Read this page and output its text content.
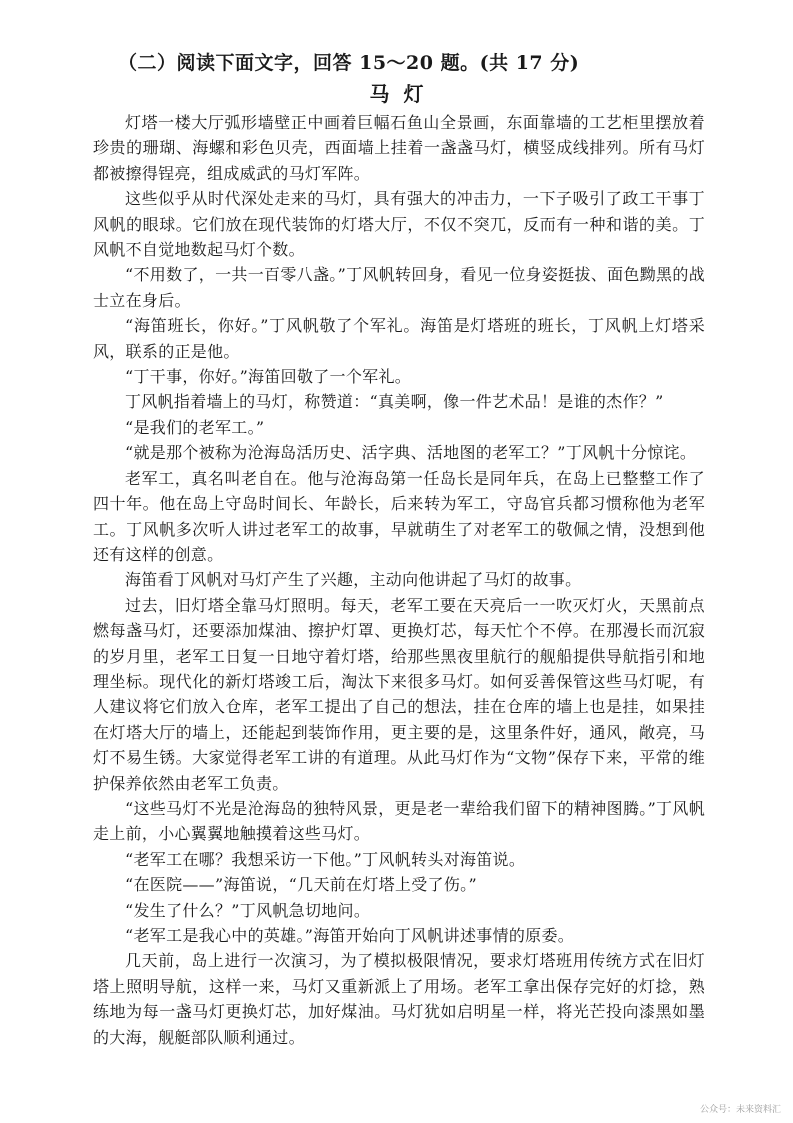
（二）阅读下面文字，回答 15～20 题。(共 17 分)
马灯

灯塔一楼大厅弧形墙壁正中画着巨幅石鱼山全景画，东面靠墙的工艺柜里摆放着珍贵的珊瑚、海螺和彩色贝壳，西面墙上挂着一盏盏马灯，横竖成线排列。所有马灯都被擦得锃亮，组成威武的马灯军阵。

这些似乎从时代深处走来的马灯，具有强大的冲击力，一下子吸引了政工干事丁风帆的眼球。它们放在现代装饰的灯塔大厅，不仅不突兀，反而有一种和谐的美。丁风帆不自觉地数起马灯个数。

“不用数了，一共一百零八盏。”丁风帆转回身，看见一位身姿挺拔、面色黝黑的战士立在身后。

“海笛班长，你好。”丁风帆敬了个军礼。海笛是灯塔班的班长，丁风帆上灯塔采风，联系的正是他。

“丁干事，你好。”海笛回敬了一个军礼。

丁风帆指着墙上的马灯，称赞道：“真美啊，像一件艺术品！是谁的杰作？”

“是我们的老军工。”

“就是那个被称为沧海岛活历史、活字典、活地图的老军工？”丁风帆十分惊诧。

老军工，真名叫老自在。他与沧海岛第一任岛长是同年兵，在岛上已整整工作了四十年。他在岛上守岛时间长、年龄长，后来转为军工，守岛官兵都习惯称他为老军工。丁风帆多次听人讲过老军工的故事，早就萌生了对老军工的敬佩之情，没想到他还有这样的创意。

海笛看丁风帆对马灯产生了兴趣，主动向他讲起了马灯的故事。

过去，旧灯塔全靠马灯照明。每天，老军工要在天亮后一一吹灭灯火，天黑前点燃每盏马灯，还要添加煤油、擦护灯罩、更换灯芯，每天忙个不停。在那漫长而沉寂的岁月里，老军工日复一日地守着灯塔，给那些黑夜里航行的舰船提供导航指引和地理坐标。现代化的新灯塔竣工后，淘汰下来很多马灯。如何妥善保管这些马灯呢，有人建议将它们放入仓库，老军工提出了自己的想法，挂在仓库的墙上也是挂，如果挂在灯塔大厅的墙上，还能起到装饰作用，更主要的是，这里条件好，通风，敞亮，马灯不易生锈。大家觉得老军工讲的有道理。从此马灯作为“文物”保存下来，平常的维护保养依然由老军工负责。

“这些马灯不光是沧海岛的独特风景，更是老一辈给我们留下的精神图腾。”丁风帆走上前，小心翼翼地触摸着这些马灯。

“老军工在哪？我想采访一下他。”丁风帆转头对海笛说。

“在医院——”海笛说，“几天前在灯塔上受了伤。”

“发生了什么？”丁风帆急切地问。

“老军工是我心中的英雄。”海笛开始向丁风帆讲述事情的原委。

几天前，岛上进行一次演习，为了模拟极限情况，要求灯塔班用传统方式在旧灯塔上照明导航，这样一来，马灯又重新派上了用场。老军工拿出保存完好的灯捻，熟练地为每一盏马灯更换灯芯，加好煤油。马灯犹如启明星一样，将光芒投向漆黑如墨的大海，舰艇部队顺利通过。

公众号：未来资料汇
